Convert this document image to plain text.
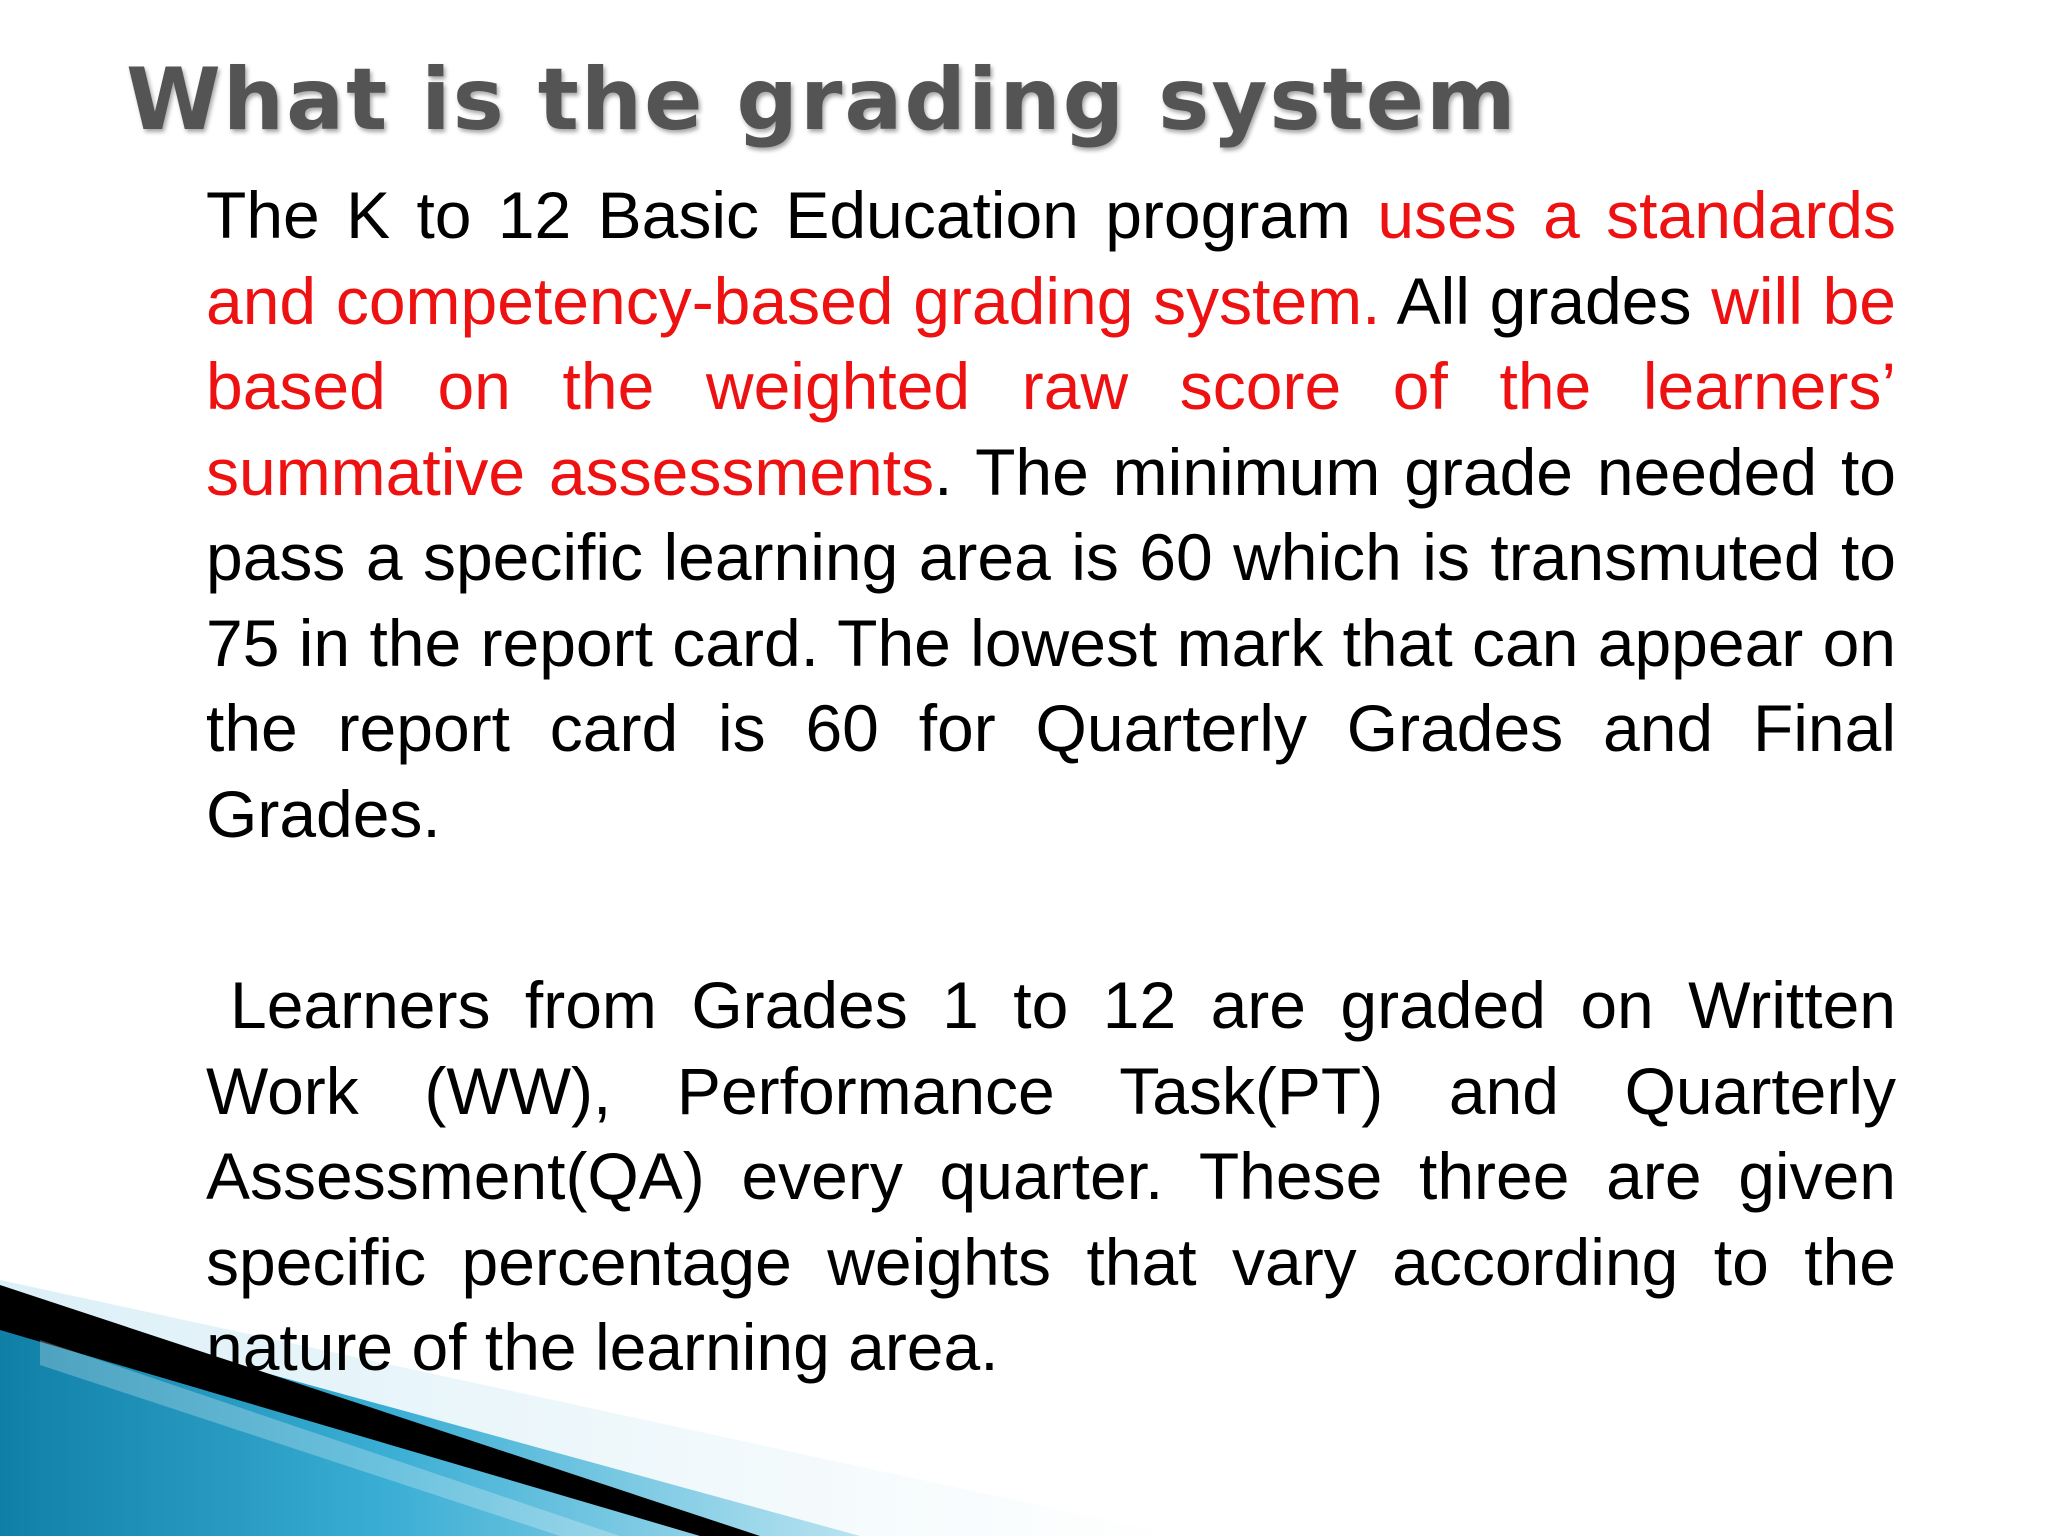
What is the grading system

The K to 12 Basic Education program uses a standards and competency-based grading system. All grades will be based on the weighted raw score of the learners’ summative assessments. The minimum grade needed to pass a specific learning area is 60 which is transmuted to 75 in the report card. The lowest mark that can appear on the report card is 60 for Quarterly Grades and Final Grades.

Learners from Grades 1 to 12 are graded on Written Work (WW), Performance Task(PT) and Quarterly Assessment(QA) every quarter. These three are given specific percentage weights that vary according to the nature of the learning area.
